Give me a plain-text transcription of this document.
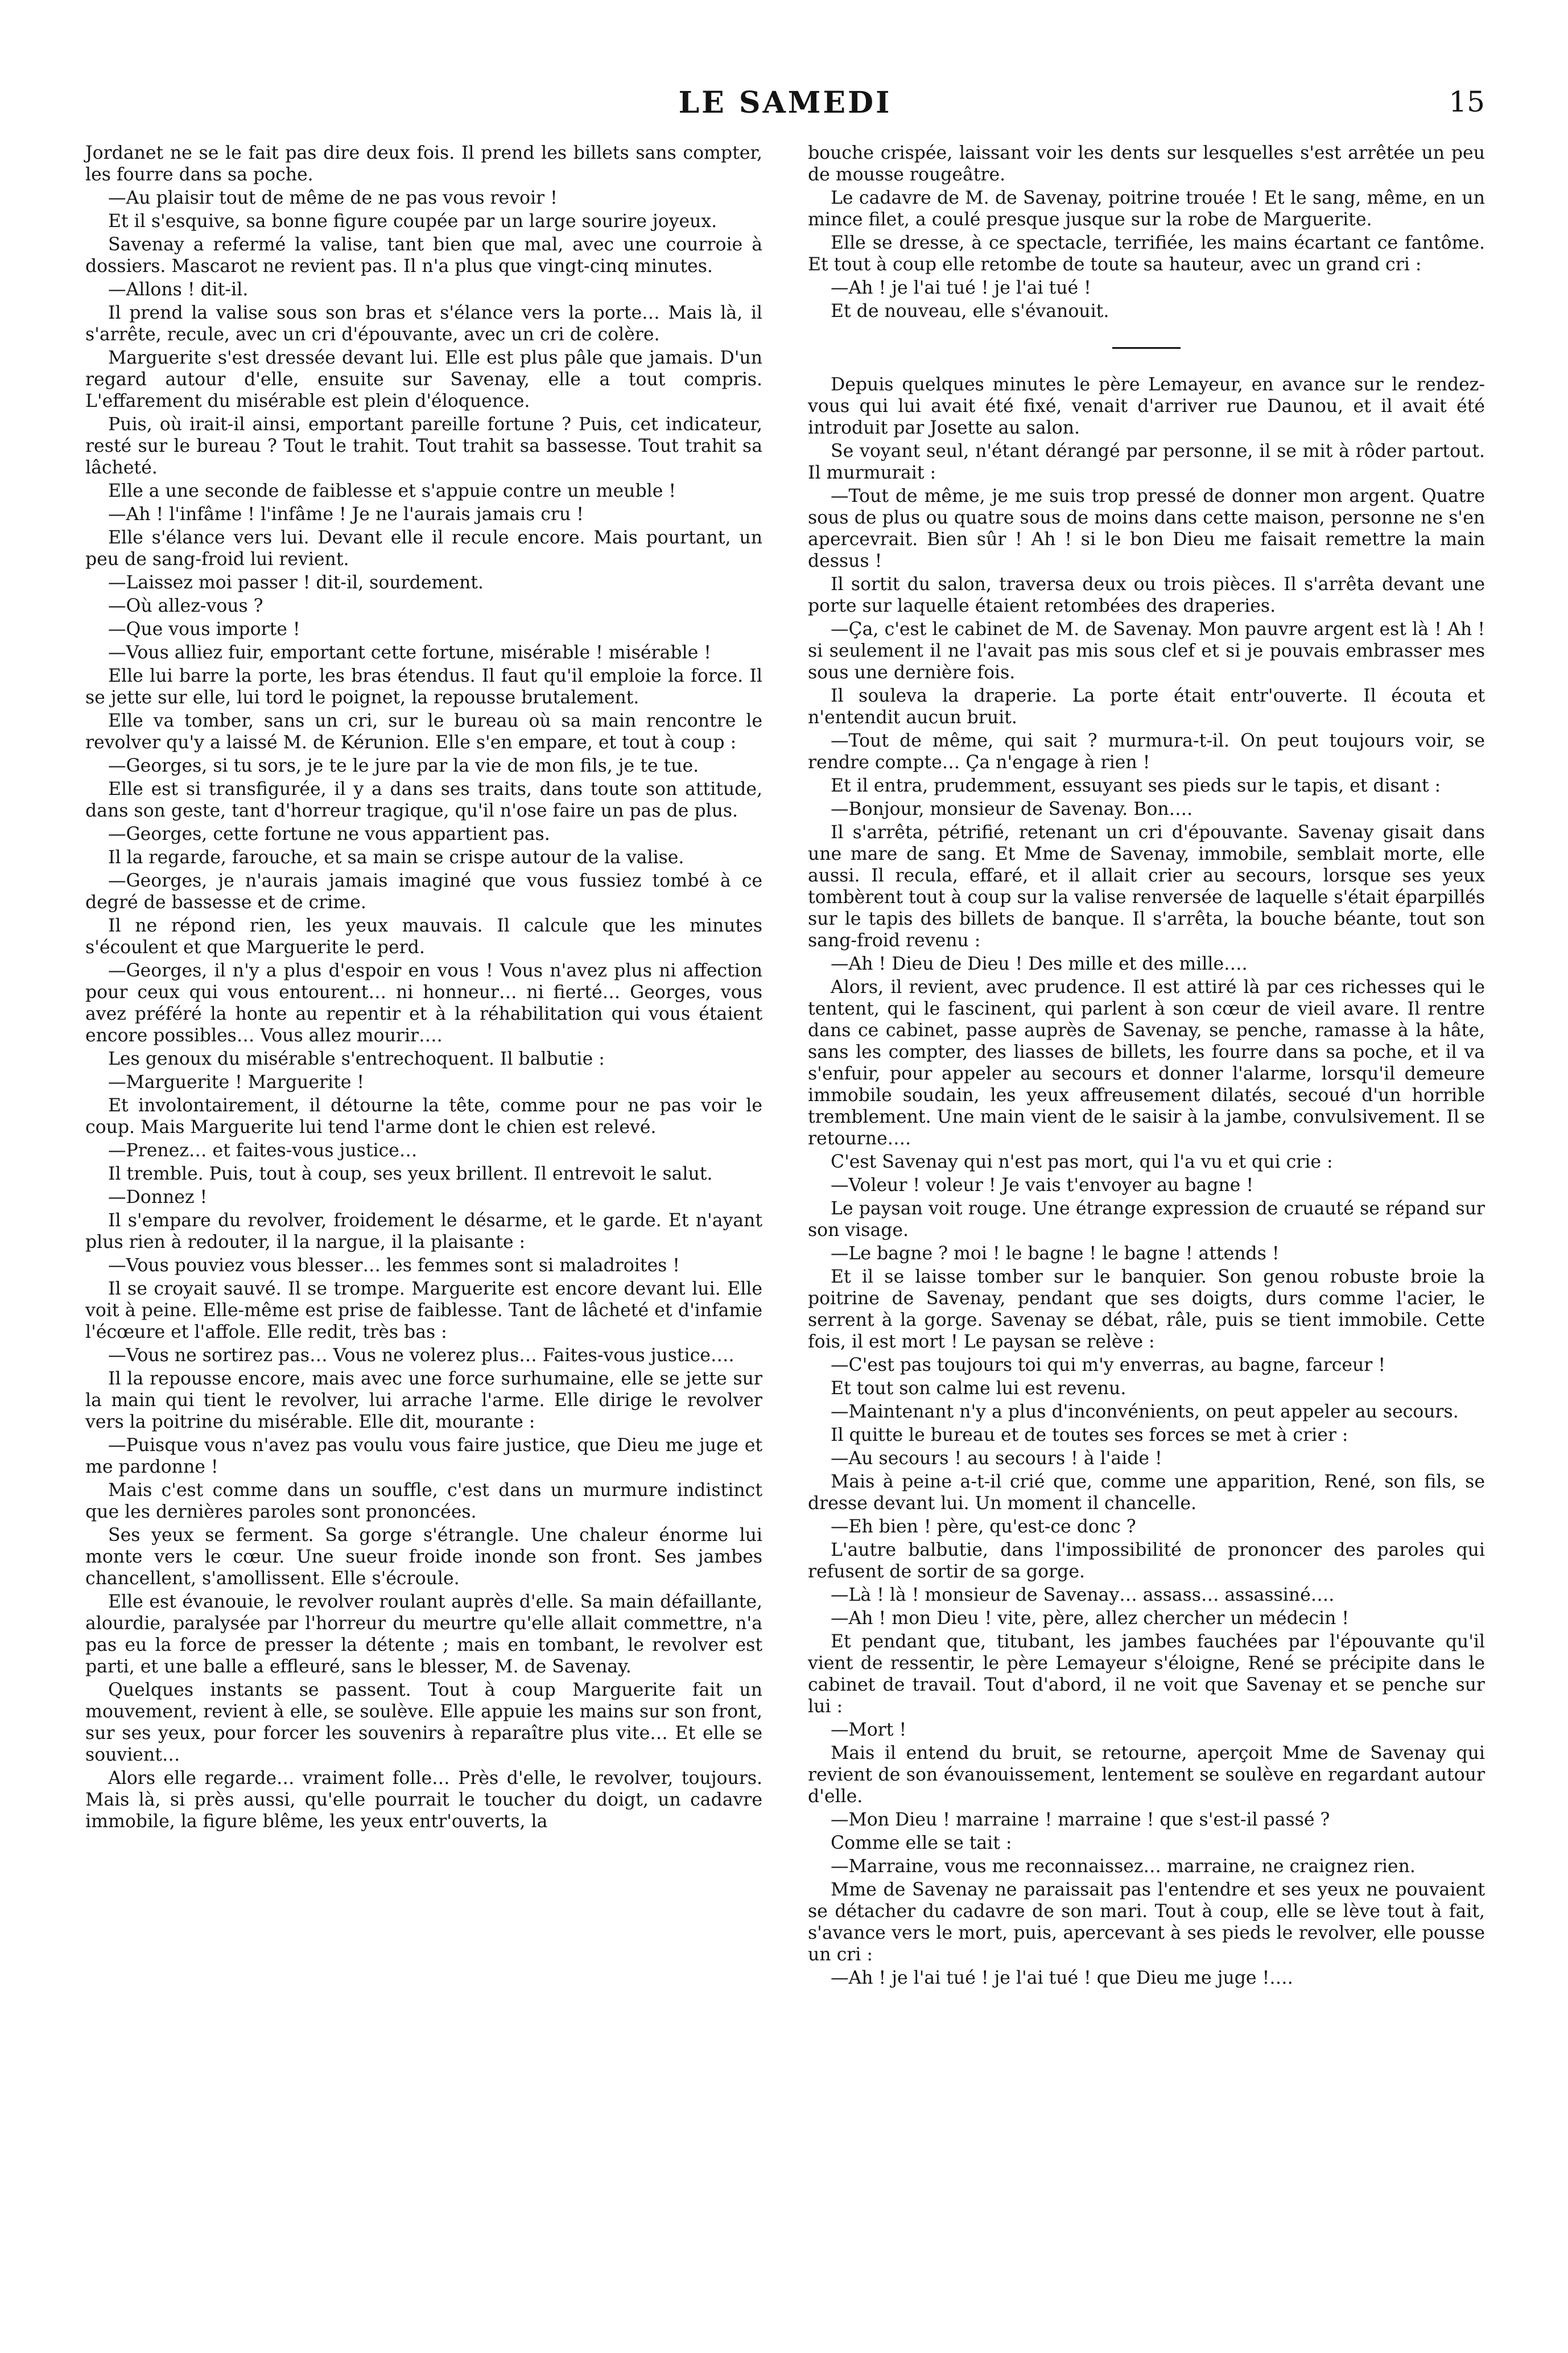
LE SAMEDI	15

Jordanet ne se le fait pas dire deux fois. Il prend les billets sans compter, les fourre dans sa poche.

—Au plaisir tout de même de ne pas vous revoir !

Et il s'esquive, sa bonne figure coupée par un large sourire joyeux.

Savenay a refermé la valise, tant bien que mal, avec une courroie à dossiers. Mascarot ne revient pas. Il n'a plus que vingt-cinq minutes.

—Allons ! dit-il.

Il prend la valise sous son bras et s'élance vers la porte… Mais là, il s'arrête, recule, avec un cri d'épouvante, avec un cri de colère.

Marguerite s'est dressée devant lui. Elle est plus pâle que jamais. D'un regard autour d'elle, ensuite sur Savenay, elle a tout compris. L'effarement du misérable est plein d'éloquence.

Puis, où irait-il ainsi, emportant pareille fortune ? Puis, cet indicateur, resté sur le bureau ? Tout le trahit. Tout trahit sa bassesse. Tout trahit sa lâcheté.

Elle a une seconde de faiblesse et s'appuie contre un meuble !

—Ah ! l'infâme ! l'infâme ! Je ne l'aurais jamais cru !

Elle s'élance vers lui. Devant elle il recule encore. Mais pourtant, un peu de sang-froid lui revient.

—Laissez moi passer ! dit-il, sourdement.

—Où allez-vous ?

—Que vous importe !

—Vous alliez fuir, emportant cette fortune, misérable ! misérable !

Elle lui barre la porte, les bras étendus. Il faut qu'il emploie la force. Il se jette sur elle, lui tord le poignet, la repousse brutalement.

Elle va tomber, sans un cri, sur le bureau où sa main rencontre le revolver qu'y a laissé M. de Kérunion. Elle s'en empare, et tout à coup :

—Georges, si tu sors, je te le jure par la vie de mon fils, je te tue.

Elle est si transfigurée, il y a dans ses traits, dans toute son attitude, dans son geste, tant d'horreur tragique, qu'il n'ose faire un pas de plus.

—Georges, cette fortune ne vous appartient pas.

Il la regarde, farouche, et sa main se crispe autour de la valise.

—Georges, je n'aurais jamais imaginé que vous fussiez tombé à ce degré de bassesse et de crime.

Il ne répond rien, les yeux mauvais. Il calcule que les minutes s'écoulent et que Marguerite le perd.

—Georges, il n'y a plus d'espoir en vous ! Vous n'avez plus ni affection pour ceux qui vous entourent… ni honneur… ni fierté… Georges, vous avez préféré la honte au repentir et à la réhabilitation qui vous étaient encore possibles… Vous allez mourir….

Les genoux du misérable s'entrechoquent. Il balbutie :

—Marguerite ! Marguerite !

Et involontairement, il détourne la tête, comme pour ne pas voir le coup. Mais Marguerite lui tend l'arme dont le chien est relevé.

—Prenez… et faites-vous justice…

Il tremble. Puis, tout à coup, ses yeux brillent. Il entrevoit le salut.

—Donnez !

Il s'empare du revolver, froidement le désarme, et le garde. Et n'ayant plus rien à redouter, il la nargue, il la plaisante :

—Vous pouviez vous blesser… les femmes sont si maladroites !

Il se croyait sauvé. Il se trompe. Marguerite est encore devant lui. Elle voit à peine. Elle-même est prise de faiblesse. Tant de lâcheté et d'infamie l'écœure et l'affole. Elle redit, très bas :

—Vous ne sortirez pas… Vous ne volerez plus… Faites-vous justice….

Il la repousse encore, mais avec une force surhumaine, elle se jette sur la main qui tient le revolver, lui arrache l'arme. Elle dirige le revolver vers la poitrine du misérable. Elle dit, mourante :

—Puisque vous n'avez pas voulu vous faire justice, que Dieu me juge et me pardonne !

Mais c'est comme dans un souffle, c'est dans un murmure indistinct que les dernières paroles sont prononcées.

Ses yeux se ferment. Sa gorge s'étrangle. Une chaleur énorme lui monte vers le cœur. Une sueur froide inonde son front. Ses jambes chancellent, s'amollissent. Elle s'écroule.

Elle est évanouie, le revolver roulant auprès d'elle. Sa main défaillante, alourdie, paralysée par l'horreur du meurtre qu'elle allait commettre, n'a pas eu la force de presser la détente ; mais en tombant, le revolver est parti, et une balle a effleuré, sans le blesser, M. de Savenay.

Quelques instants se passent. Tout à coup Marguerite fait un mouvement, revient à elle, se soulève. Elle appuie les mains sur son front, sur ses yeux, pour forcer les souvenirs à reparaître plus vite… Et elle se souvient…

Alors elle regarde… vraiment folle… Près d'elle, le revolver, toujours. Mais là, si près aussi, qu'elle pourrait le toucher du doigt, un cadavre immobile, la figure blême, les yeux entr'ouverts, la

bouche crispée, laissant voir les dents sur lesquelles s'est arrêtée un peu de mousse rougeâtre.

Le cadavre de M. de Savenay, poitrine trouée ! Et le sang, même, en un mince filet, a coulé presque jusque sur la robe de Marguerite.

Elle se dresse, à ce spectacle, terrifiée, les mains écartant ce fantôme. Et tout à coup elle retombe de toute sa hauteur, avec un grand cri :

—Ah ! je l'ai tué ! je l'ai tué !

Et de nouveau, elle s'évanouit.

Depuis quelques minutes le père Lemayeur, en avance sur le rendez-vous qui lui avait été fixé, venait d'arriver rue Daunou, et il avait été introduit par Josette au salon.

Se voyant seul, n'étant dérangé par personne, il se mit à rôder partout. Il murmurait :

—Tout de même, je me suis trop pressé de donner mon argent. Quatre sous de plus ou quatre sous de moins dans cette maison, personne ne s'en apercevrait. Bien sûr ! Ah ! si le bon Dieu me faisait remettre la main dessus !

Il sortit du salon, traversa deux ou trois pièces. Il s'arrêta devant une porte sur laquelle étaient retombées des draperies.

—Ça, c'est le cabinet de M. de Savenay. Mon pauvre argent est là ! Ah ! si seulement il ne l'avait pas mis sous clef et si je pouvais embrasser mes sous une dernière fois.

Il souleva la draperie. La porte était entr'ouverte. Il écouta et n'entendit aucun bruit.

—Tout de même, qui sait ? murmura-t-il. On peut toujours voir, se rendre compte… Ça n'engage à rien !

Et il entra, prudemment, essuyant ses pieds sur le tapis, et disant :

—Bonjour, monsieur de Savenay. Bon….

Il s'arrêta, pétrifié, retenant un cri d'épouvante. Savenay gisait dans une mare de sang. Et Mme de Savenay, immobile, semblait morte, elle aussi. Il recula, effaré, et il allait crier au secours, lorsque ses yeux tombèrent tout à coup sur la valise renversée de laquelle s'était éparpillés sur le tapis des billets de banque. Il s'arrêta, la bouche béante, tout son sang-froid revenu :

—Ah ! Dieu de Dieu ! Des mille et des mille….

Alors, il revient, avec prudence. Il est attiré là par ces richesses qui le tentent, qui le fascinent, qui parlent à son cœur de vieil avare. Il rentre dans ce cabinet, passe auprès de Savenay, se penche, ramasse à la hâte, sans les compter, des liasses de billets, les fourre dans sa poche, et il va s'enfuir, pour appeler au secours et donner l'alarme, lorsqu'il demeure immobile soudain, les yeux affreusement dilatés, secoué d'un horrible tremblement. Une main vient de le saisir à la jambe, convulsivement. Il se retourne….

C'est Savenay qui n'est pas mort, qui l'a vu et qui crie :

—Voleur ! voleur ! Je vais t'envoyer au bagne !

Le paysan voit rouge. Une étrange expression de cruauté se répand sur son visage.

—Le bagne ? moi ! le bagne ! le bagne ! attends !

Et il se laisse tomber sur le banquier. Son genou robuste broie la poitrine de Savenay, pendant que ses doigts, durs comme l'acier, le serrent à la gorge. Savenay se débat, râle, puis se tient immobile. Cette fois, il est mort ! Le paysan se relève :

—C'est pas toujours toi qui m'y enverras, au bagne, farceur !

Et tout son calme lui est revenu.

—Maintenant n'y a plus d'inconvénients, on peut appeler au secours.

Il quitte le bureau et de toutes ses forces se met à crier :

—Au secours ! au secours ! à l'aide !

Mais à peine a-t-il crié que, comme une apparition, René, son fils, se dresse devant lui. Un moment il chancelle.

—Eh bien ! père, qu'est-ce donc ?

L'autre balbutie, dans l'impossibilité de prononcer des paroles qui refusent de sortir de sa gorge.

—Là ! là ! monsieur de Savenay… assass… assassiné….

—Ah ! mon Dieu ! vite, père, allez chercher un médecin !

Et pendant que, titubant, les jambes fauchées par l'épouvante qu'il vient de ressentir, le père Lemayeur s'éloigne, René se précipite dans le cabinet de travail. Tout d'abord, il ne voit que Savenay et se penche sur lui :

—Mort !

Mais il entend du bruit, se retourne, aperçoit Mme de Savenay qui revient de son évanouissement, lentement se soulève en regardant autour d'elle.

—Mon Dieu ! marraine ! marraine ! que s'est-il passé ?

Comme elle se tait :

—Marraine, vous me reconnaissez… marraine, ne craignez rien.

Mme de Savenay ne paraissait pas l'entendre et ses yeux ne pouvaient se détacher du cadavre de son mari. Tout à coup, elle se lève tout à fait, s'avance vers le mort, puis, apercevant à ses pieds le revolver, elle pousse un cri :

—Ah ! je l'ai tué ! je l'ai tué ! que Dieu me juge !….
